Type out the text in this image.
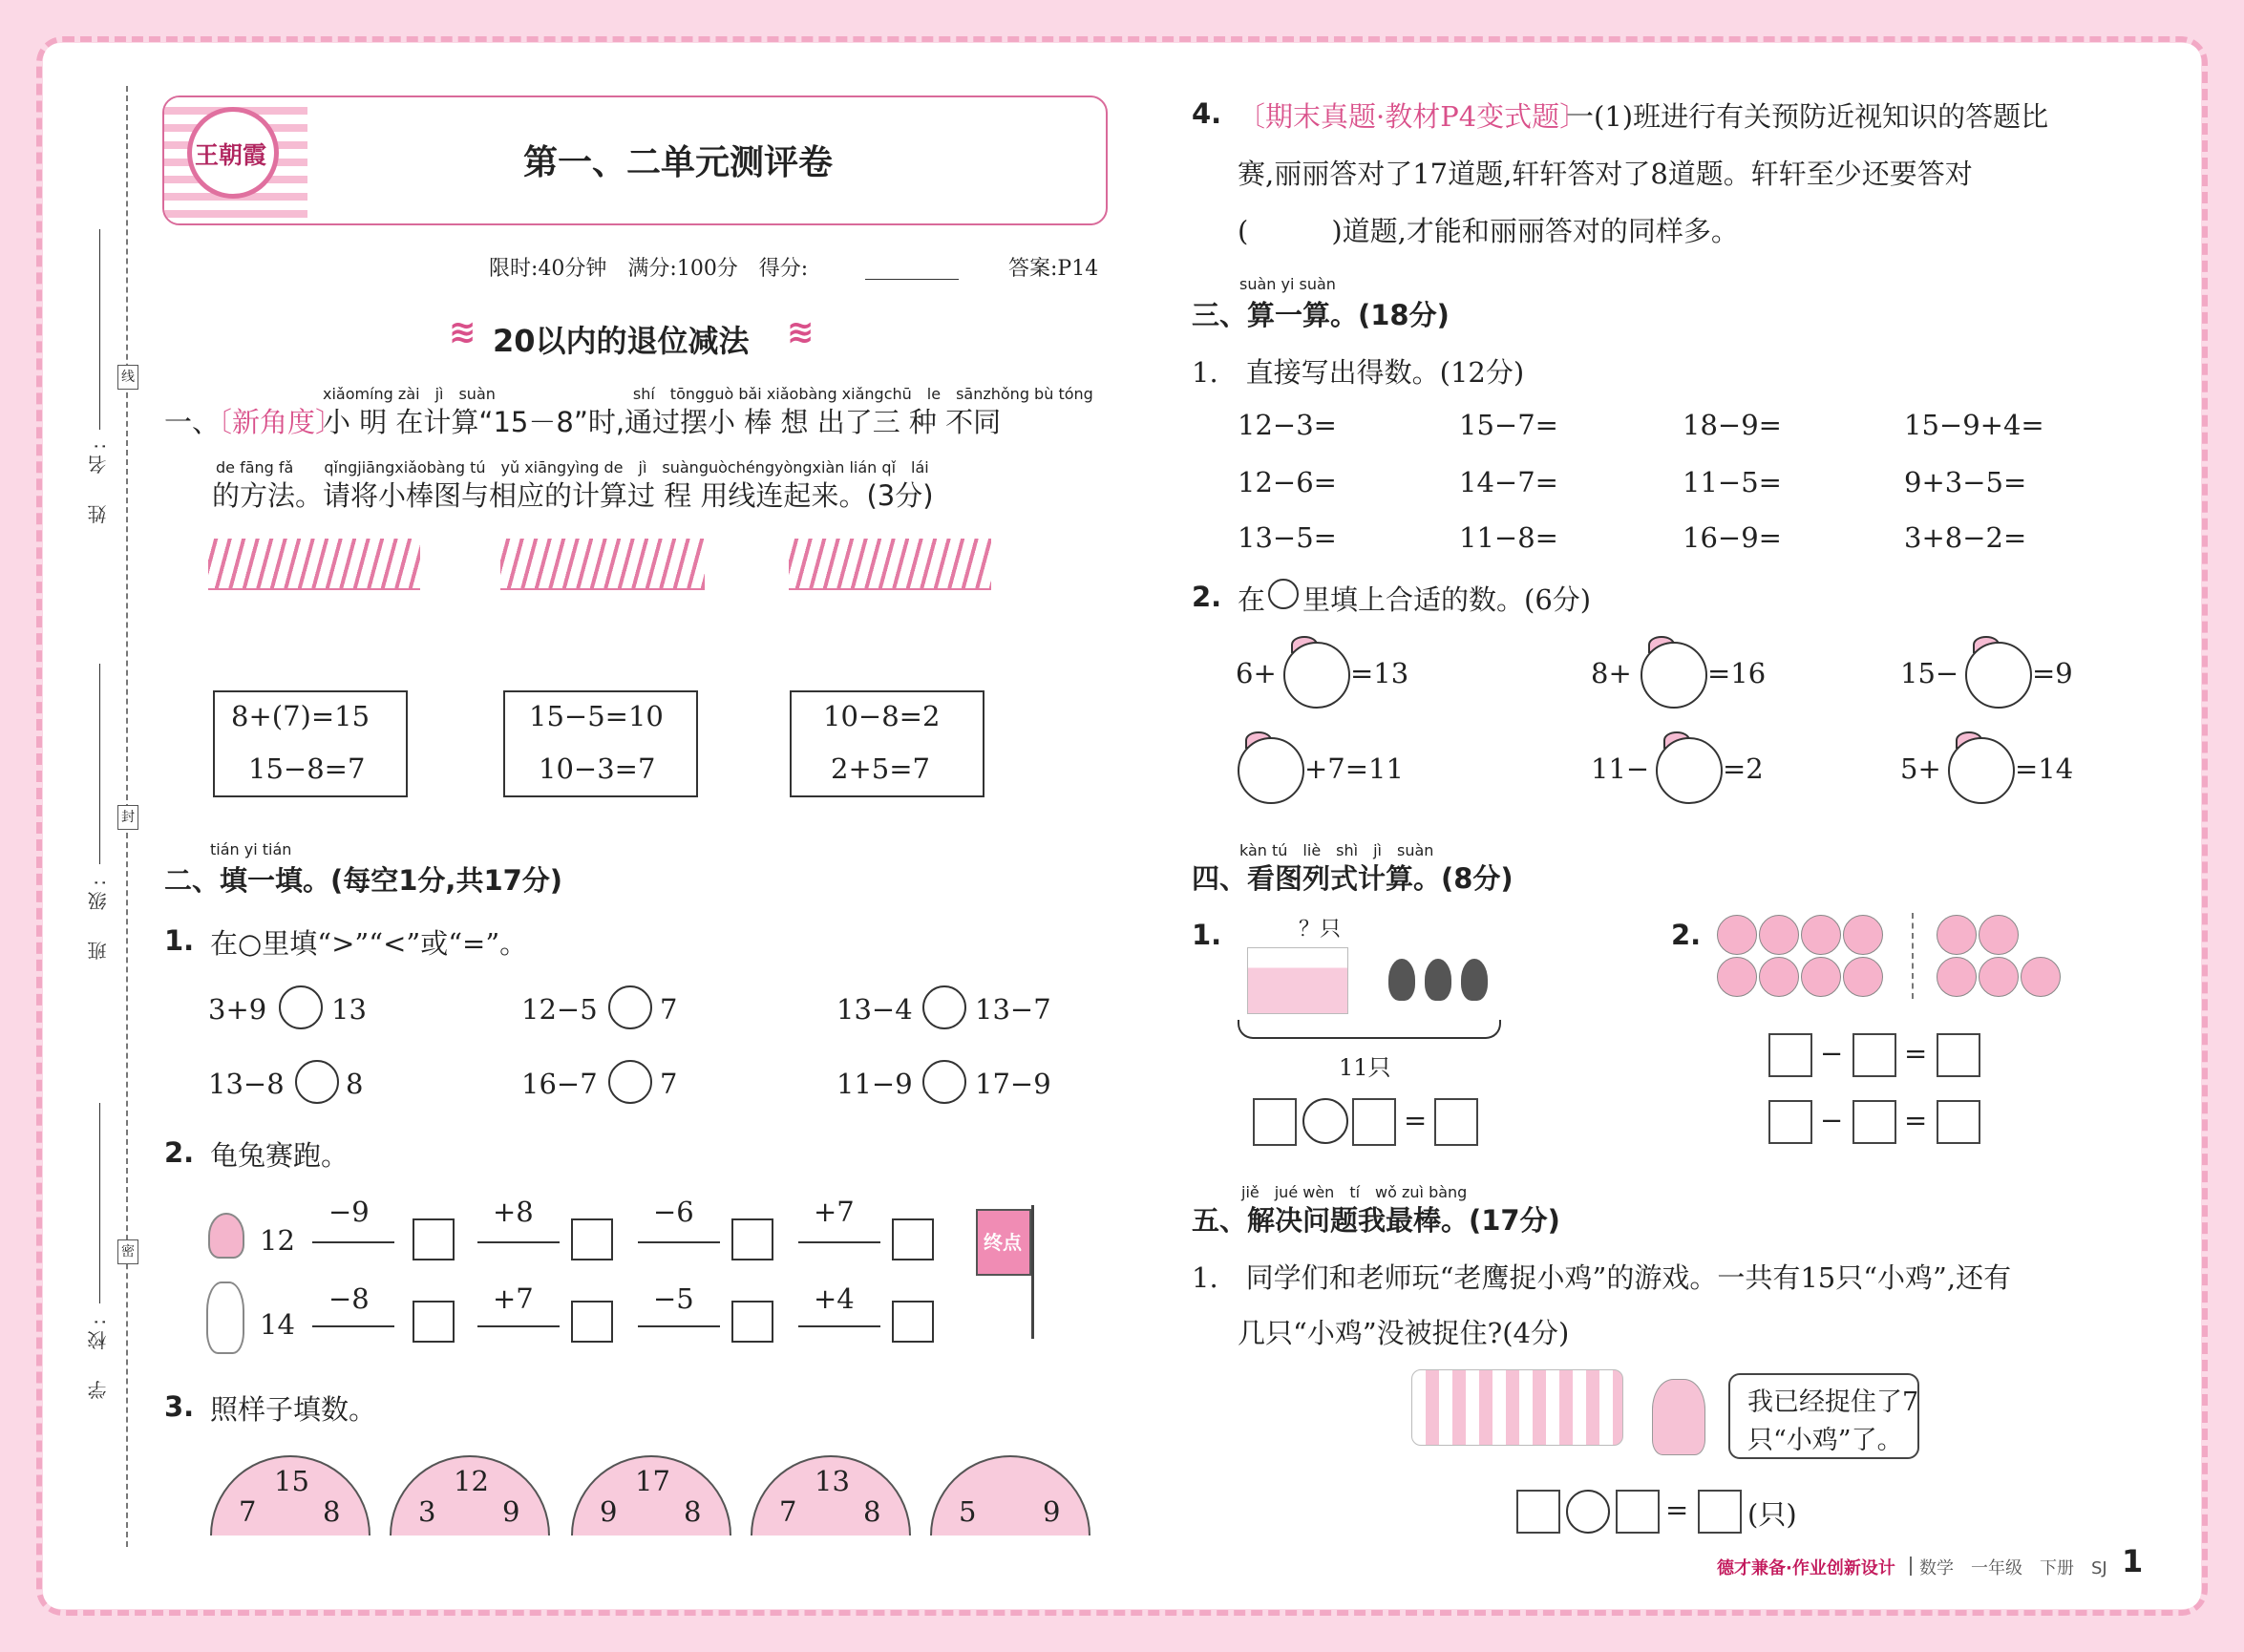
线
封
密
姓　名:
班　级:
学　校:
王朝霞	第一、二单元测评卷
限时:40分钟　满分:100分　得分:	答案:P14
≋ 20以内的退位减法 ≋
xiǎomíng zài　jì　suàn　　　　　　　　　shí　tōngguò bǎi xiǎobàng xiǎngchū　le　sānzhǒng bù tóng
一、
〔新角度〕
小 明 在计算“15－8”时,通过摆小 棒 想 出了三 种 不同
de fāng fǎ　　qǐngjiāngxiǎobàng tú　yǔ xiāngyìng de　jì　suànguòchéngyòngxiàn lián qǐ　lái
的方法。请将小棒图与相应的计算过 程 用线连起来。(3分)
8+(7)=15
15−8=7
15−5=10
10−3=7
10−8=2
2+5=7
tián yi tián
二、填一填。(每空1分,共17分)
1. 在○里填“>”“<”或“=”。
3+9 13	12−5 7	13−4 13−7
13−8 8	16−7 7	11−9 17−9
2. 龟兔赛跑。
12
−9	+8	−6	+7
14
−8	+7	−5	+4
终点
3. 照样子填数。
15
7 8
12
3 9
17
9 8
13
7 8	5 9
4. 〔期末真题·教材P4变式题〕
一(1)班进行有关预防近视知识的答题比
赛,丽丽答对了17道题,轩轩答对了8道题。轩轩至少还要答对
(　　　)道题,才能和丽丽答对的同样多。
suàn yi suàn
三、算一算。(18分)
1.　直接写出得数。(12分)
12−3=	15−7=	18−9=	15−9+4=
12−6=	14−7=	11−5=	9+3−5=
13−5=	11−8=	16−9=	3+8−2=
2. 在 里填上合适的数。(6分)
6+	=13	8+	=16	15−	=9
+7=11	11−	=2	5+	=14
kàn tú　liè　shì　jì　suàn
四、看图列式计算。(8分)
1.	？只
11只
=
2.
− =
− =
jiě　jué wèn　tí　wǒ zuì bàng
五、解决问题我最棒。(17分)
1.　同学们和老师玩“老鹰捉小鸡”的游戏。一共有15只“小鸡”,还有
几只“小鸡”没被捉住?(4分)
我已经捉住了7
只“小鸡”了。
= (只)
德才兼备·作业创新设计 数学　一年级　下册　SJ 1
